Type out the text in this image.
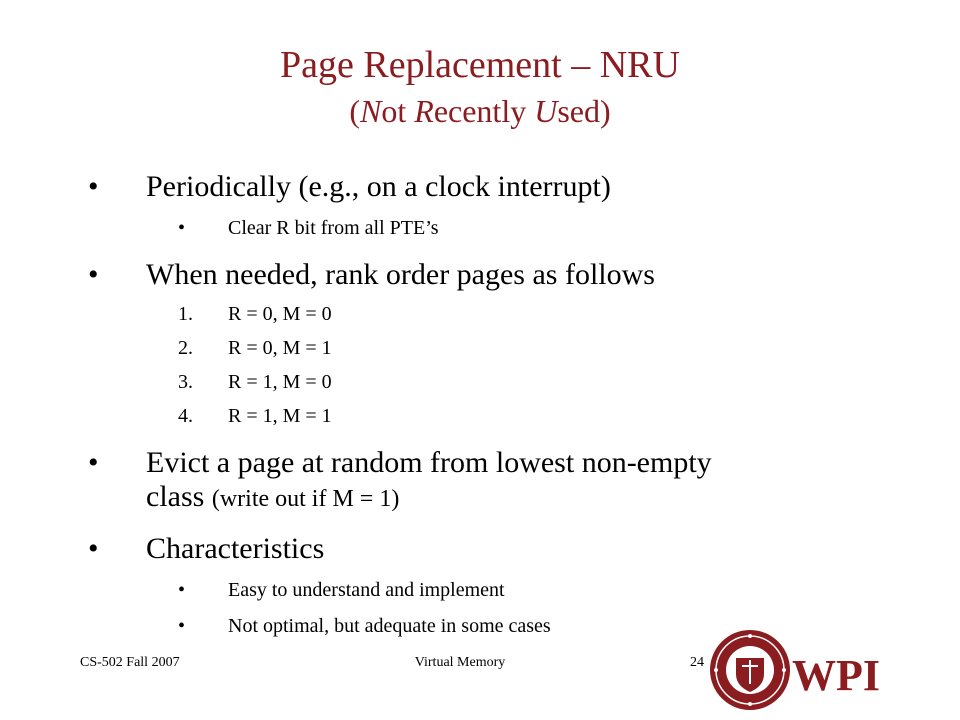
Page Replacement – NRU
(Not Recently Used)
• Periodically (e.g., on a clock interrupt)
• Clear R bit from all PTE’s
• When needed, rank order pages as follows
1. R = 0, M = 0
2. R = 0, M = 1
3. R = 1, M = 0
4. R = 1, M = 1
• Evict a page at random from lowest non-empty
class (write out if M = 1)
• Characteristics
• Easy to understand and implement
• Not optimal, but adequate in some cases
CS-502 Fall 2007	Virtual Memory	24 WPI
